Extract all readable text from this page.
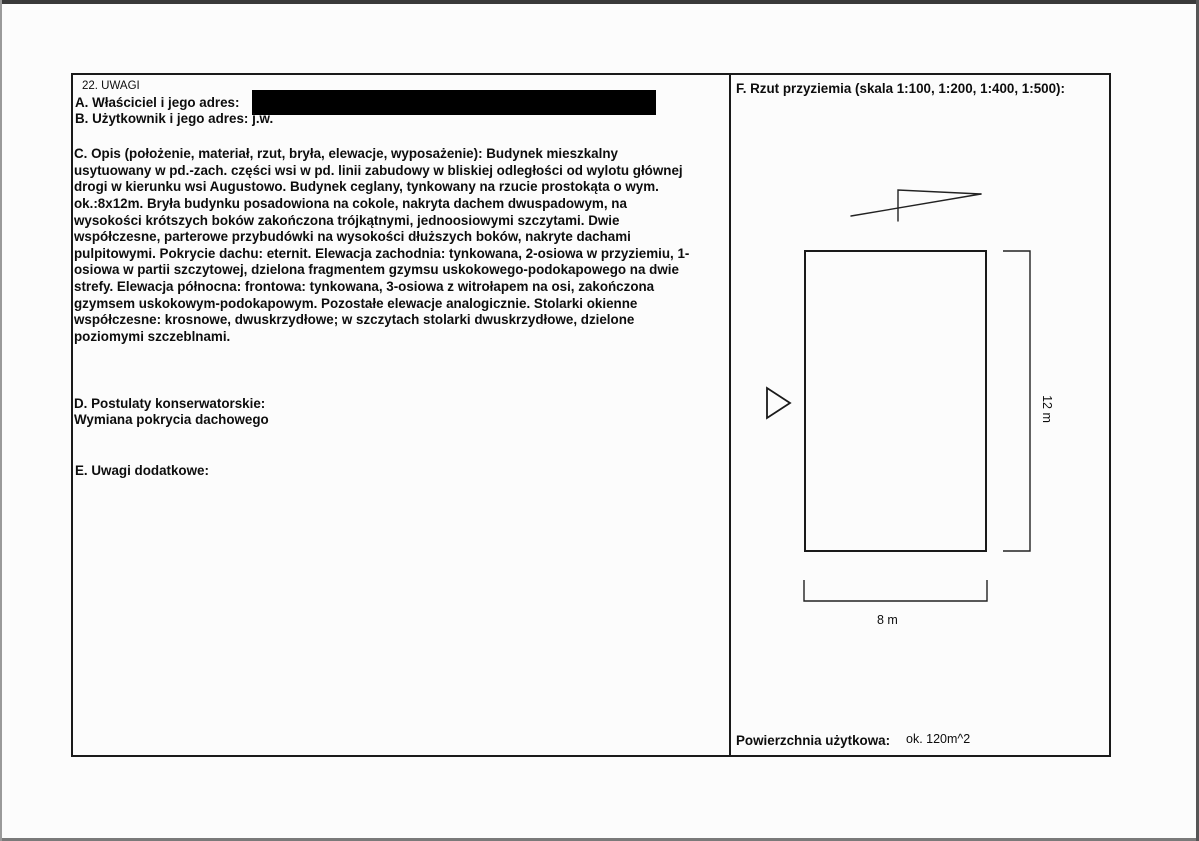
22. UWAGI
A. Właściciel i jego adres:
B. Użytkownik i jego adres: j.w.
C. Opis (położenie, materiał, rzut, bryła, elewacje, wyposażenie): Budynek mieszkalny
usytuowany w pd.-zach. części wsi w pd. linii zabudowy w bliskiej odległości od wylotu głównej
drogi w kierunku wsi Augustowo. Budynek ceglany, tynkowany na rzucie prostokąta o wym.
ok.:8x12m. Bryła budynku posadowiona na cokole, nakryta dachem dwuspadowym, na
wysokości krótszych boków zakończona trójkątnymi, jednoosiowymi szczytami. Dwie
współczesne, parterowe przybudówki na wysokości dłuższych boków, nakryte dachami
pulpitowymi. Pokrycie dachu: eternit. Elewacja zachodnia: tynkowana, 2-osiowa w przyziemiu, 1-
osiowa w partii szczytowej, dzielona fragmentem gzymsu uskokowego-podokapowego na dwie
strefy. Elewacja północna: frontowa: tynkowana, 3-osiowa z witrołapem na osi, zakończona
gzymsem uskokowym-podokapowym. Pozostałe elewacje analogicznie. Stolarki okienne
współczesne: krosnowe, dwuskrzydłowe; w szczytach stolarki dwuskrzydłowe, dzielone
poziomymi szczeblnami.
D. Postulaty konserwatorskie:
Wymiana pokrycia dachowego
E. Uwagi dodatkowe:
F. Rzut przyziemia (skala 1:100, 1:200, 1:400, 1:500):
12 m
8 m
Powierzchnia użytkowa: ok. 120m^2
